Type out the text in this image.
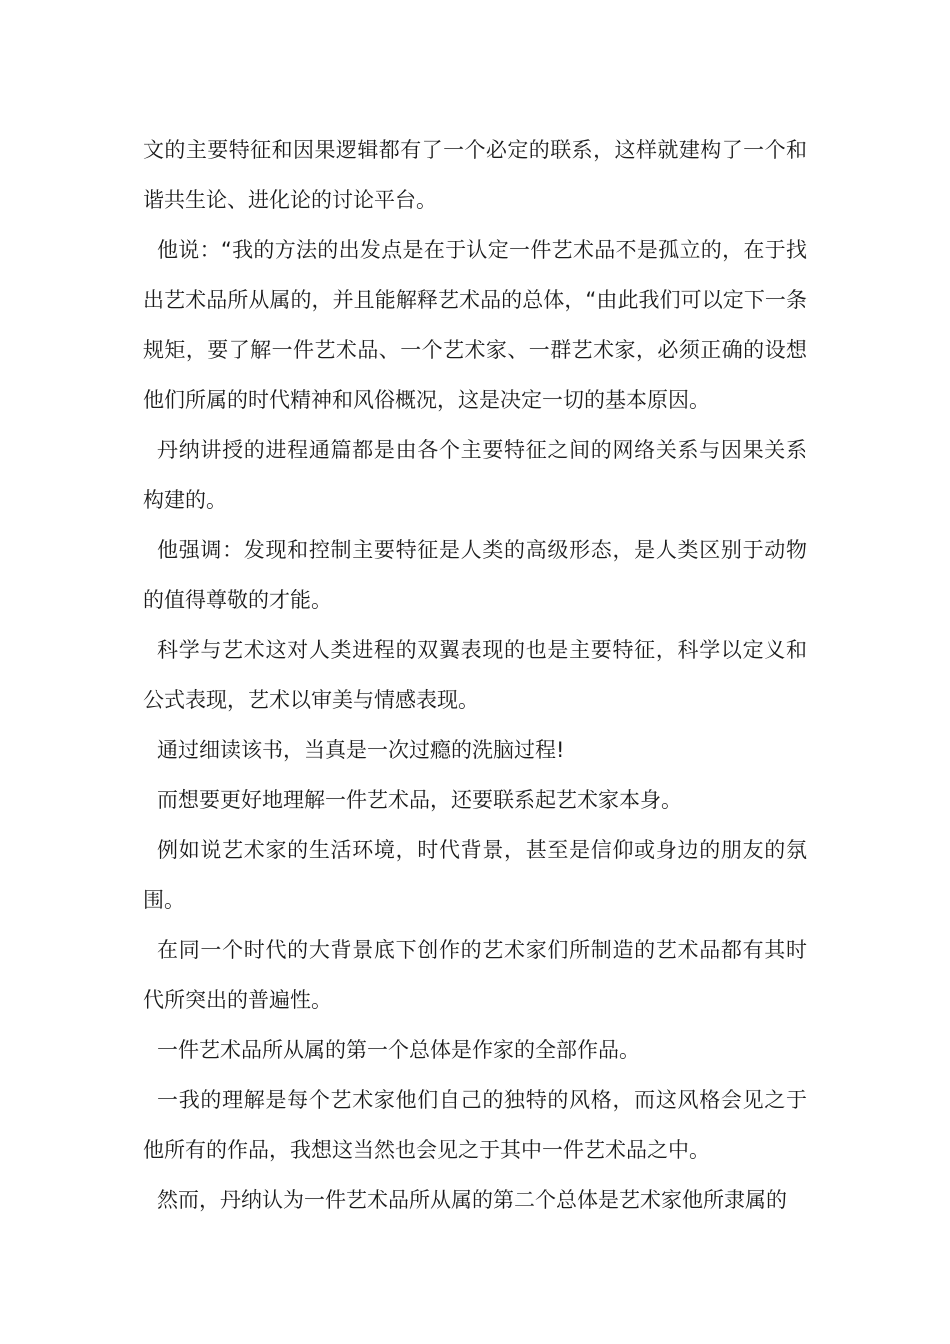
文的主要特征和因果逻辑都有了一个必定的联系，这样就建构了一个和谐共生论、进化论的讨论平台。

他说：“我的方法的出发点是在于认定一件艺术品不是孤立的，在于找出艺术品所从属的，并且能解释艺术品的总体，“由此我们可以定下一条规矩，要了解一件艺术品、一个艺术家、一群艺术家，必须正确的设想他们所属的时代精神和风俗概况，这是决定一切的基本原因。

丹纳讲授的进程通篇都是由各个主要特征之间的网络关系与因果关系构建的。

他强调：发现和控制主要特征是人类的高级形态，是人类区别于动物的值得尊敬的才能。

科学与艺术这对人类进程的双翼表现的也是主要特征，科学以定义和公式表现，艺术以审美与情感表现。

通过细读该书，当真是一次过瘾的洗脑过程!

而想要更好地理解一件艺术品，还要联系起艺术家本身。

例如说艺术家的生活环境，时代背景，甚至是信仰或身边的朋友的氛围。

在同一个时代的大背景底下创作的艺术家们所制造的艺术品都有其时代所突出的普遍性。

一件艺术品所从属的第一个总体是作家的全部作品。

一我的理解是每个艺术家他们自己的独特的风格，而这风格会见之于他所有的作品，我想这当然也会见之于其中一件艺术品之中。

然而，丹纳认为一件艺术品所从属的第二个总体是艺术家他所隶属的
